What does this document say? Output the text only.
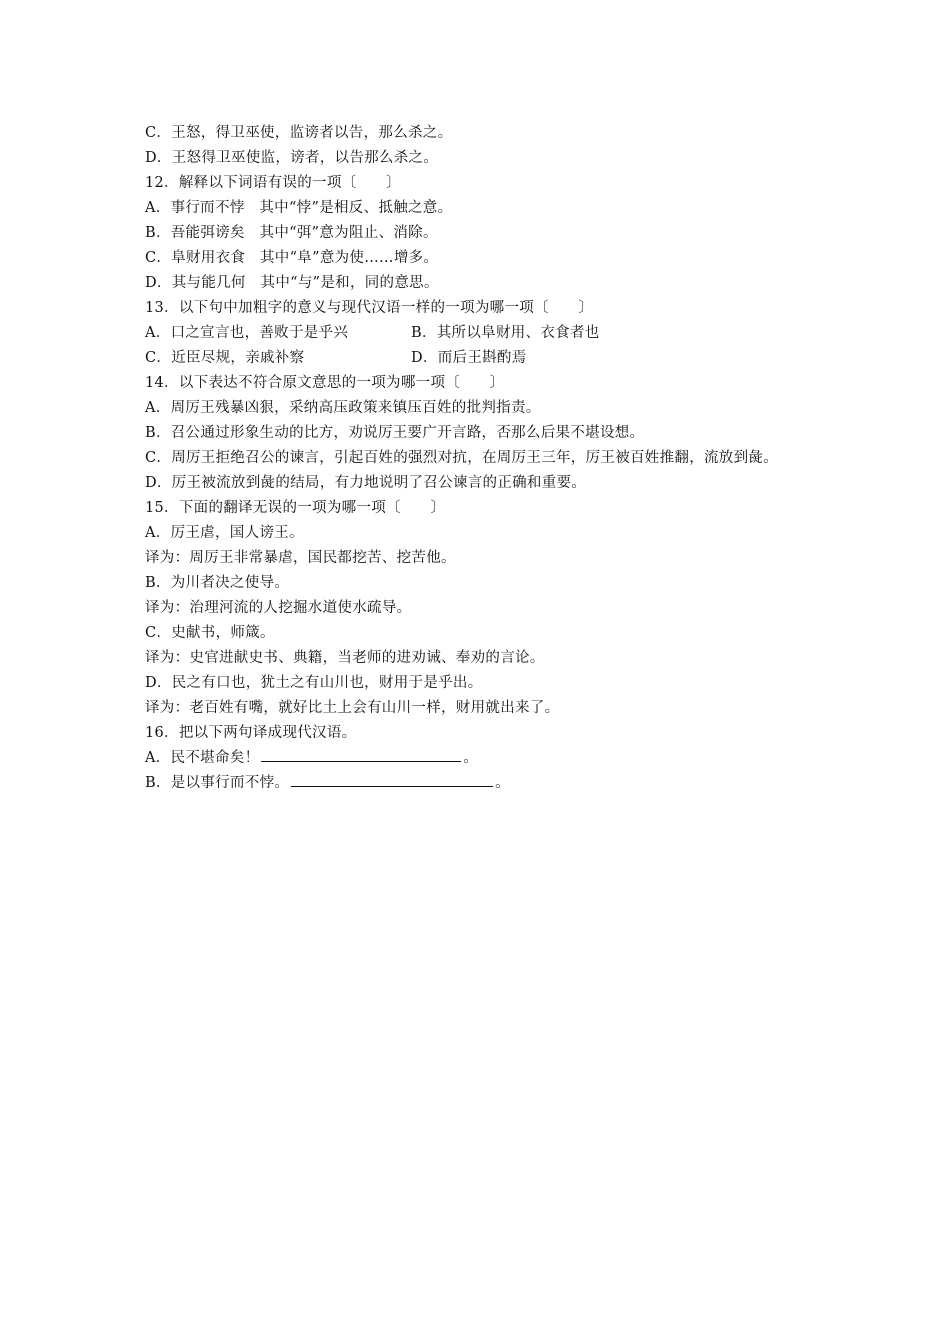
C．王怒，得卫巫使，监谤者以告，那么杀之。
D．王怒得卫巫使监，谤者，以告那么杀之。
12．解释以下词语有误的一项〔　　〕
A．事行而不悖　其中“悖”是相反、抵触之意。
B．吾能弭谤矣　其中“弭”意为阻止、消除。
C．阜财用衣食　其中“阜”意为使……增多。
D．其与能几何　其中“与”是和，同的意思。
13．以下句中加粗字的意义与现代汉语一样的一项为哪一项〔　　〕
A．口之宣言也，善败于是乎兴	B．其所以阜财用、衣食者也
C．近臣尽规，亲戚补察	D．而后王斟酌焉
14．以下表达不符合原文意思的一项为哪一项〔　　〕
A．周厉王残暴凶狠，采纳高压政策来镇压百姓的批判指责。
B．召公通过形象生动的比方，劝说厉王要广开言路，否那么后果不堪设想。
C．周厉王拒绝召公的谏言，引起百姓的强烈对抗，在周厉王三年，厉王被百姓推翻，流放到彘。
D．厉王被流放到彘的结局，有力地说明了召公谏言的正确和重要。
15．下面的翻译无误的一项为哪一项〔　　〕
A．厉王虐，国人谤王。
译为：周厉王非常暴虐，国民都挖苦、挖苦他。
B．为川者决之使导。
译为：治理河流的人挖掘水道使水疏导。
C．史献书，师箴。
译为：史官进献史书、典籍，当老师的进劝诫、奉劝的言论。
D．民之有口也，犹土之有山川也，财用于是乎出。
译为：老百姓有嘴，就好比土上会有山川一样，财用就出来了。
16．把以下两句译成现代汉语。
A．民不堪命矣！	。
B．是以事行而不悖。	。
